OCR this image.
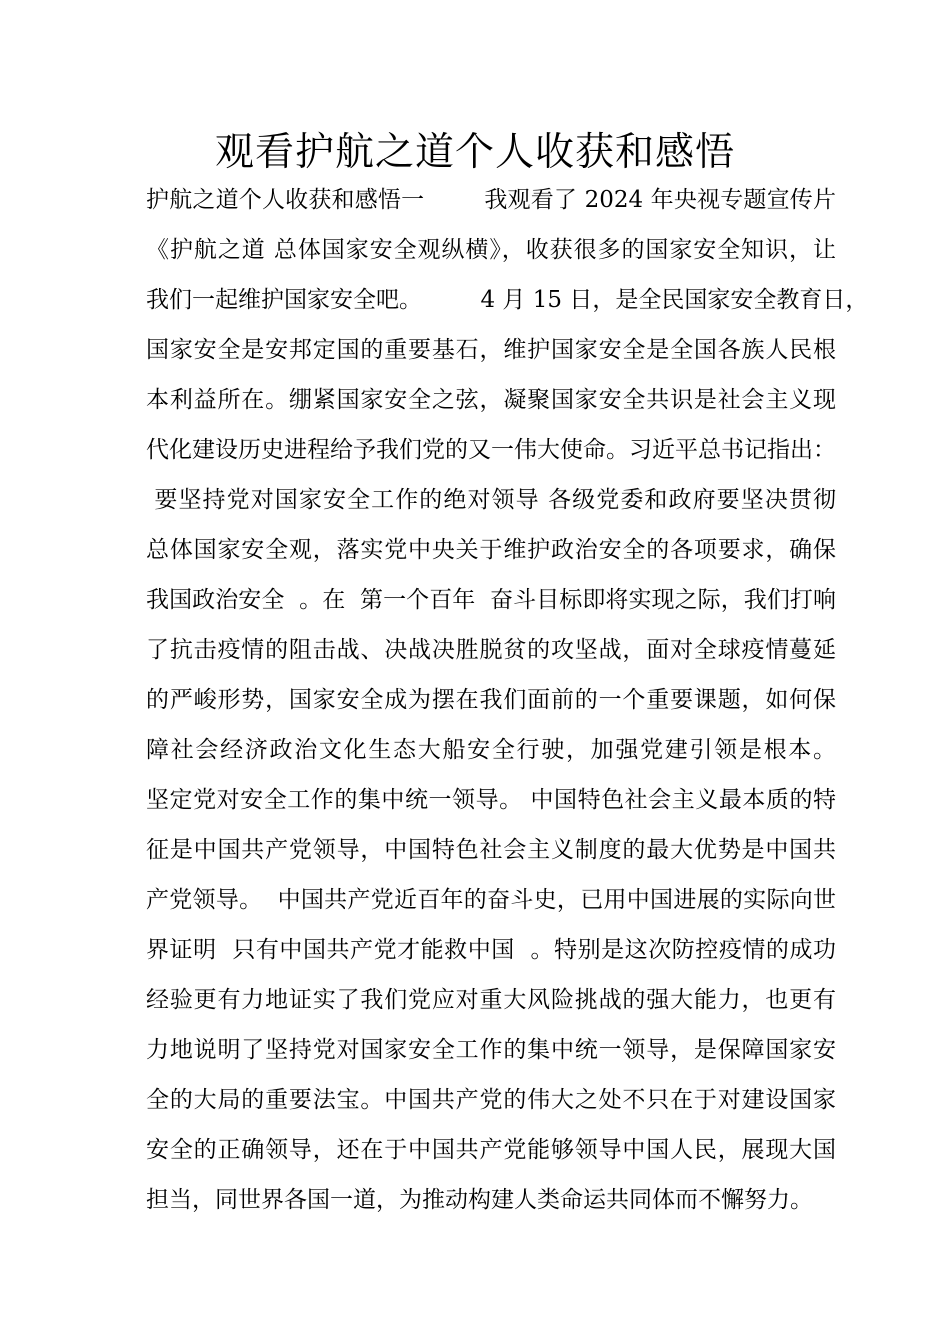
观看护航之道个人收获和感悟
护航之道个人收获和感悟一        我观看了 2024 年央视专题宣传片
《护航之道 总体国家安全观纵横》，收获很多的国家安全知识，让
我们一起维护国家安全吧。        4 月 15 日，是全民国家安全教育日，
国家安全是安邦定国的重要基石，维护国家安全是全国各族人民根
本利益所在。绷紧国家安全之弦，凝聚国家安全共识是社会主义现
代化建设历史进程给予我们党的又一伟大使命。习近平总书记指出：
要坚持党对国家安全工作的绝对领导 各级党委和政府要坚决贯彻
总体国家安全观，落实党中央关于维护政治安全的各项要求，确保
我国政治安全  。在  第一个百年  奋斗目标即将实现之际，我们打响
了抗击疫情的阻击战、决战决胜脱贫的攻坚战，面对全球疫情蔓延
的严峻形势，国家安全成为摆在我们面前的一个重要课题，如何保
障社会经济政治文化生态大船安全行驶，加强党建引领是根本。
坚定党对安全工作的集中统一领导。 中国特色社会主义最本质的特
征是中国共产党领导，中国特色社会主义制度的最大优势是中国共
产党领导。  中国共产党近百年的奋斗史，已用中国进展的实际向世
界证明  只有中国共产党才能救中国  。特别是这次防控疫情的成功
经验更有力地证实了我们党应对重大风险挑战的强大能力，也更有
力地说明了坚持党对国家安全工作的集中统一领导，是保障国家安
全的大局的重要法宝。中国共产党的伟大之处不只在于对建设国家
安全的正确领导，还在于中国共产党能够领导中国人民，展现大国
担当，同世界各国一道，为推动构建人类命运共同体而不懈努力。
